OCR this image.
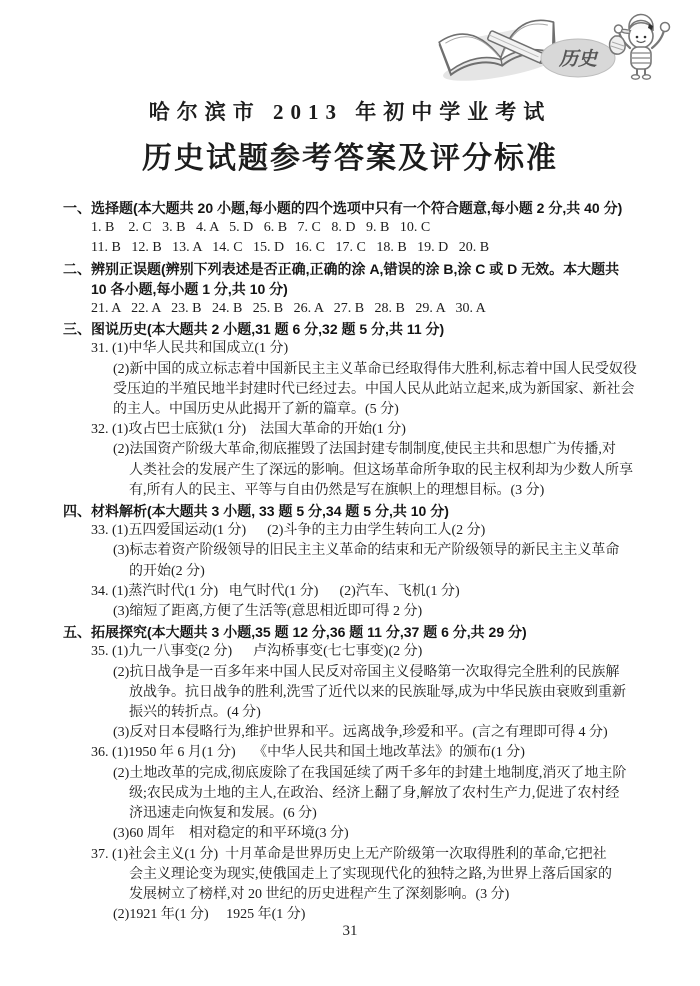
历史
哈尔滨市 2013 年初中学业考试
历史试题参考答案及评分标准
一、选择题(本大题共 20 小题,每小题的四个选项中只有一个符合题意,每小题 2 分,共 40 分)
1. B    2. C   3. B   4. A   5. D   6. B   7. C   8. D   9. B   10. C
11. B   12. B   13. A   14. C   15. D   16. C   17. C   18. B   19. D   20. B
二、辨别正误题(辨别下列表述是否正确,正确的涂 A,错误的涂 B,涂 C 或 D 无效。本大题共
10 各小题,每小题 1 分,共 10 分)
21. A   22. A   23. B   24. B   25. B   26. A   27. B   28. B   29. A   30. A
三、图说历史(本大题共 2 小题,31 题 6 分,32 题 5 分,共 11 分)
31. (1)中华人民共和国成立(1 分)
(2)新中国的成立标志着中国新民主主义革命已经取得伟大胜利,标志着中国人民受奴役
受压迫的半殖民地半封建时代已经过去。中国人民从此站立起来,成为新国家、新社会
的主人。中国历史从此揭开了新的篇章。(5 分)
32. (1)攻占巴士底狱(1 分)    法国大革命的开始(1 分)
(2)法国资产阶级大革命,彻底摧毁了法国封建专制制度,使民主共和思想广为传播,对
人类社会的发展产生了深远的影响。但这场革命所争取的民主权利却为少数人所享
有,所有人的民主、平等与自由仍然是写在旗帜上的理想目标。(3 分)
四、材料解析(本大题共 3 小题, 33 题 5 分,34 题 5 分,共 10 分)
33. (1)五四爱国运动(1 分)      (2)斗争的主力由学生转向工人(2 分)
(3)标志着资产阶级领导的旧民主主义革命的结束和无产阶级领导的新民主主义革命
的开始(2 分)
34. (1)蒸汽时代(1 分)   电气时代(1 分)      (2)汽车、飞机(1 分)
(3)缩短了距离,方便了生活等(意思相近即可得 2 分)
五、拓展探究(本大题共 3 小题,35 题 12 分,36 题 11 分,37 题 6 分,共 29 分)
35. (1)九一八事变(2 分)      卢沟桥事变(七七事变)(2 分)
(2)抗日战争是一百多年来中国人民反对帝国主义侵略第一次取得完全胜利的民族解
放战争。抗日战争的胜利,洗雪了近代以来的民族耻辱,成为中华民族由衰败到重新
振兴的转折点。(4 分)
(3)反对日本侵略行为,维护世界和平。远离战争,珍爱和平。(言之有理即可得 4 分)
36. (1)1950 年 6 月(1 分)     《中华人民共和国土地改革法》的颁布(1 分)
(2)土地改革的完成,彻底废除了在我国延续了两千多年的封建土地制度,消灭了地主阶
级;农民成为土地的主人,在政治、经济上翻了身,解放了农村生产力,促进了农村经
济迅速走向恢复和发展。(6 分)
(3)60 周年    相对稳定的和平环境(3 分)
37. (1)社会主义(1 分)  十月革命是世界历史上无产阶级第一次取得胜利的革命,它把社
会主义理论变为现实,使俄国走上了实现现代化的独特之路,为世界上落后国家的
发展树立了榜样,对 20 世纪的历史进程产生了深刻影响。(3 分)
(2)1921 年(1 分)     1925 年(1 分)
31
